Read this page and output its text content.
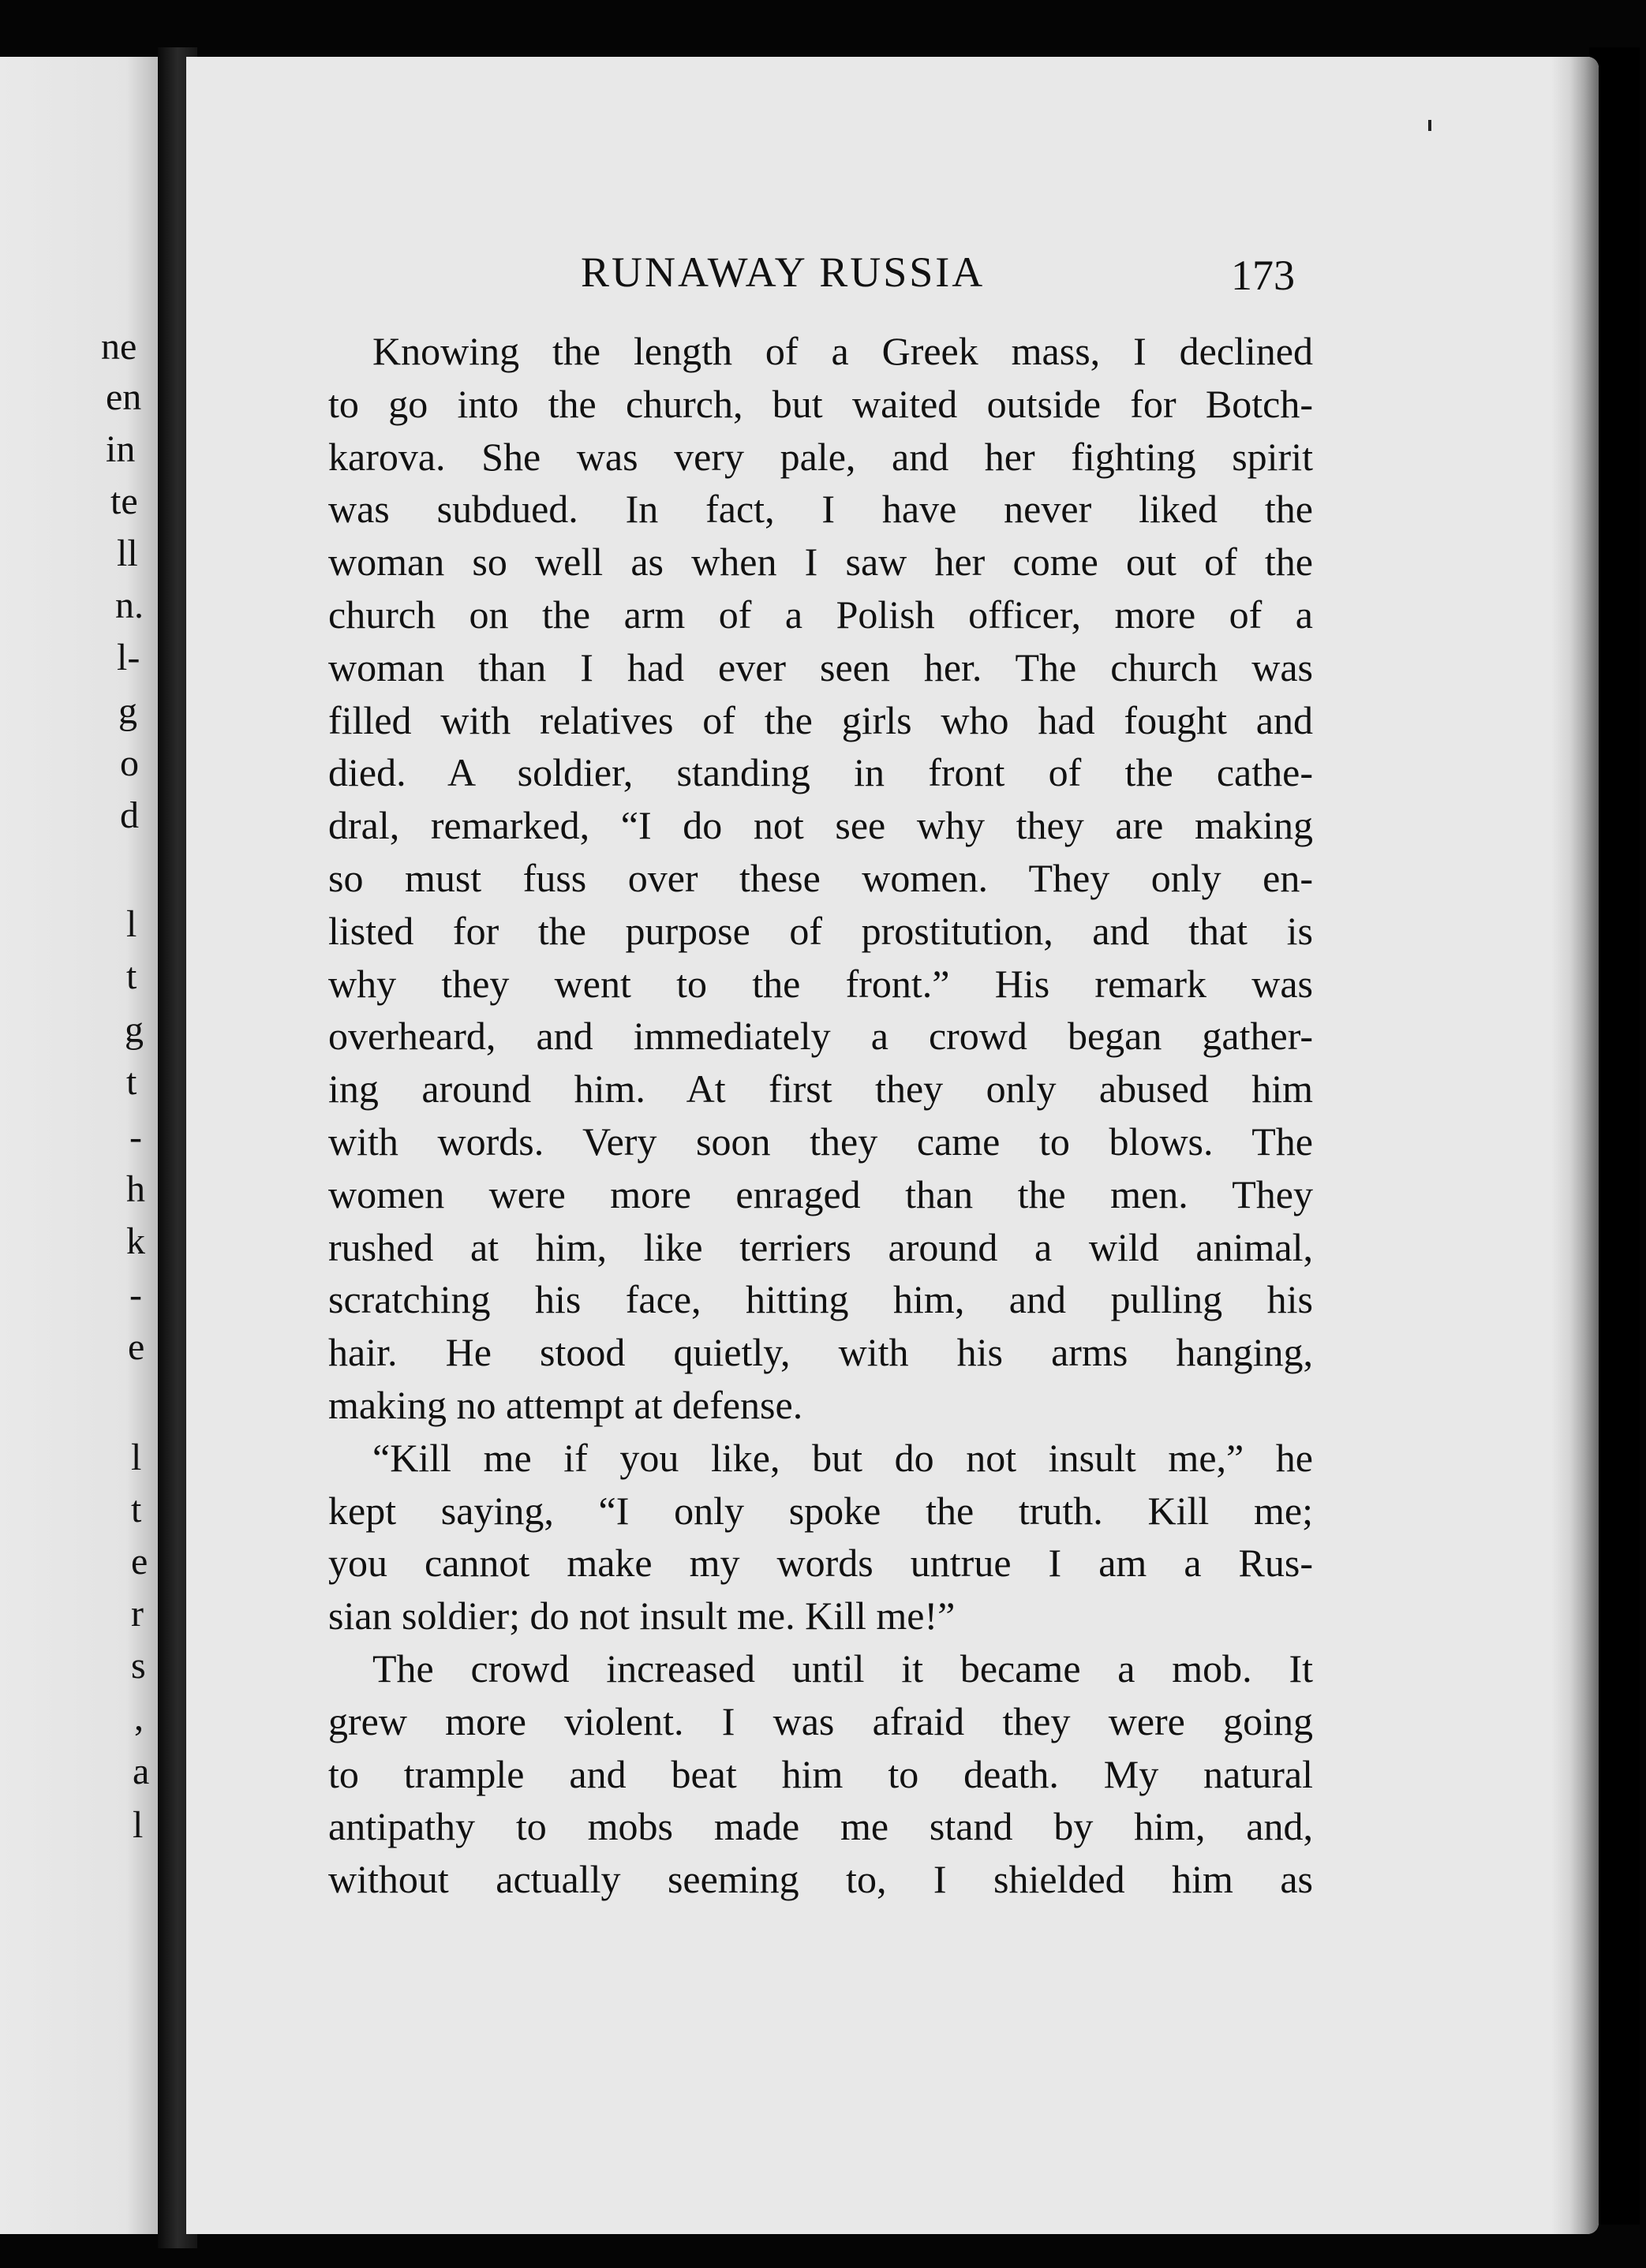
ne
en
in
te
ll
n.
l-
g
o
d
l
t
g
t
-
h
k
-
e
l
t
e
r
s
,
a
l
RUNAWAY RUSSIA	173
Knowing the length of a Greek mass, I declined
to go into the church, but waited outside for Botch-
karova. She was very pale, and her fighting spirit
was subdued. In fact, I have never liked the
woman so well as when I saw her come out of the
church on the arm of a Polish officer, more of a
woman than I had ever seen her. The church was
filled with relatives of the girls who had fought and
died. A soldier, standing in front of the cathe-
dral, remarked, “I do not see why they are making
so must fuss over these women. They only en-
listed for the purpose of prostitution, and that is
why they went to the front.” His remark was
overheard, and immediately a crowd began gather-
ing around him. At first they only abused him
with words. Very soon they came to blows. The
women were more enraged than the men. They
rushed at him, like terriers around a wild animal,
scratching his face, hitting him, and pulling his
hair. He stood quietly, with his arms hanging,
making no attempt at defense.
“Kill me if you like, but do not insult me,” he
kept saying, “I only spoke the truth. Kill me;
you cannot make my words untrue I am a Rus-
sian soldier; do not insult me. Kill me!”
The crowd increased until it became a mob. It
grew more violent. I was afraid they were going
to trample and beat him to death. My natural
antipathy to mobs made me stand by him, and,
without actually seeming to, I shielded him as
